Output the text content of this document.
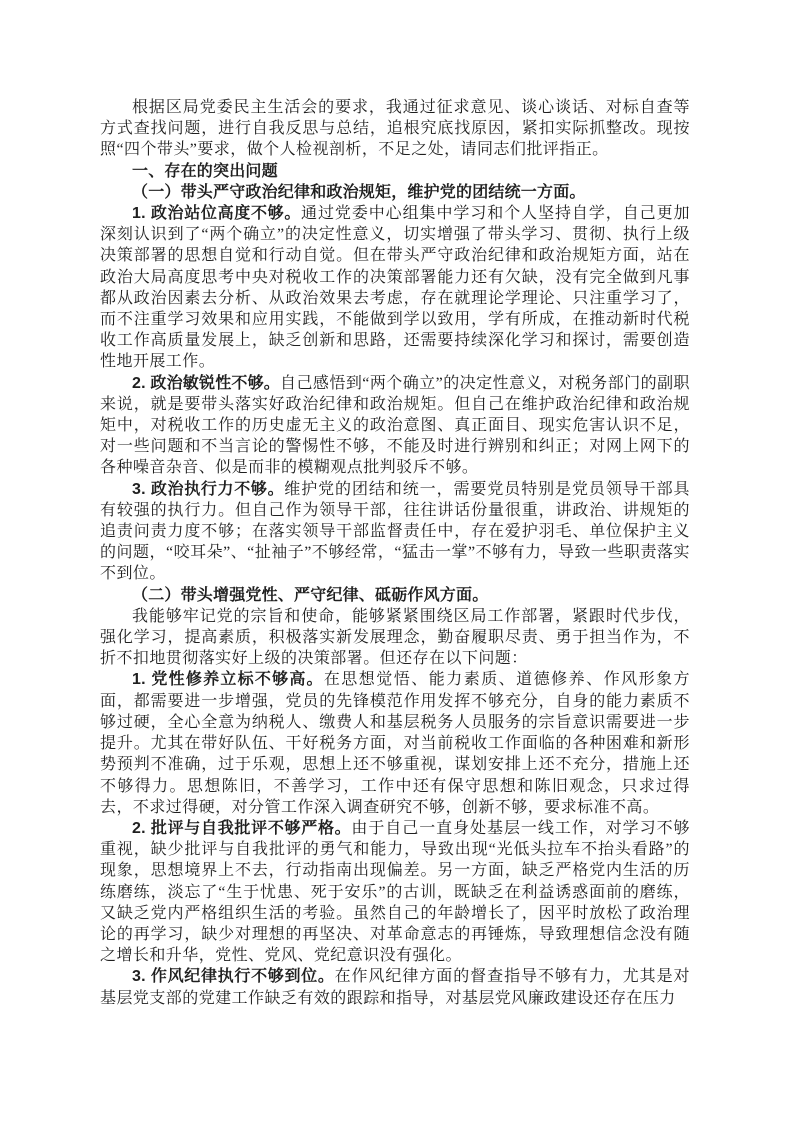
根据区局党委民主生活会的要求，我通过征求意见、谈心谈话、对标自查等方式查找问题，进行自我反思与总结，追根究底找原因，紧扣实际抓整改。现按照“四个带头”要求，做个人检视剖析，不足之处，请同志们批评指正。

一、存在的突出问题
（一）带头严守政治纪律和政治规矩，维护党的团结统一方面。

1. 政治站位高度不够。通过党委中心组集中学习和个人坚持自学，自己更加深刻认识到了“两个确立”的决定性意义，切实增强了带头学习、贯彻、执行上级决策部署的思想自觉和行动自觉。但在带头严守政治纪律和政治规矩方面，站在政治大局高度思考中央对税收工作的决策部署能力还有欠缺，没有完全做到凡事都从政治因素去分析、从政治效果去考虑，存在就理论学理论、只注重学习了，而不注重学习效果和应用实践，不能做到学以致用，学有所成，在推动新时代税收工作高质量发展上，缺乏创新和思路，还需要持续深化学习和探讨，需要创造性地开展工作。

2. 政治敏锐性不够。自己感悟到“两个确立”的决定性意义，对税务部门的副职来说，就是要带头落实好政治纪律和政治规矩。但自己在维护政治纪律和政治规矩中，对税收工作的历史虚无主义的政治意图、真正面目、现实危害认识不足，对一些问题和不当言论的警惕性不够，不能及时进行辨别和纠正；对网上网下的各种噪音杂音、似是而非的模糊观点批判驳斥不够。

3. 政治执行力不够。维护党的团结和统一，需要党员特别是党员领导干部具有较强的执行力。但自己作为领导干部，往往讲话份量很重，讲政治、讲规矩的追责问责力度不够；在落实领导干部监督责任中，存在爱护羽毛、单位保护主义的问题，“咬耳朵”、“扯袖子”不够经常，“猛击一掌”不够有力，导致一些职责落实不到位。

（二）带头增强党性、严守纪律、砥砺作风方面。

我能够牢记党的宗旨和使命，能够紧紧围绕区局工作部署，紧跟时代步伐，强化学习，提高素质，积极落实新发展理念，勤奋履职尽责、勇于担当作为，不折不扣地贯彻落实好上级的决策部署。但还存在以下问题：

1. 党性修养立标不够高。在思想觉悟、能力素质、道德修养、作风形象方面，都需要进一步增强，党员的先锋模范作用发挥不够充分，自身的能力素质不够过硬，全心全意为纳税人、缴费人和基层税务人员服务的宗旨意识需要进一步提升。尤其在带好队伍、干好税务方面，对当前税收工作面临的各种困难和新形势预判不准确，过于乐观，思想上还不够重视，谋划安排上还不充分，措施上还不够得力。思想陈旧，不善学习，工作中还有保守思想和陈旧观念，只求过得去，不求过得硬，对分管工作深入调查研究不够，创新不够，要求标准不高。

2. 批评与自我批评不够严格。由于自己一直身处基层一线工作，对学习不够重视，缺少批评与自我批评的勇气和能力，导致出现“光低头拉车不抬头看路”的现象，思想境界上不去，行动指南出现偏差。另一方面，缺乏严格党内生活的历练磨练，淡忘了“生于忧患、死于安乐”的古训，既缺乏在利益诱惑面前的磨练，又缺乏党内严格组织生活的考验。虽然自己的年龄增长了，因平时放松了政治理论的再学习，缺少对理想的再坚决、对革命意志的再锤炼，导致理想信念没有随之增长和升华，党性、党风、党纪意识没有强化。

3. 作风纪律执行不够到位。在作风纪律方面的督查指导不够有力，尤其是对基层党支部的党建工作缺乏有效的跟踪和指导，对基层党风廉政建设还存在压力
